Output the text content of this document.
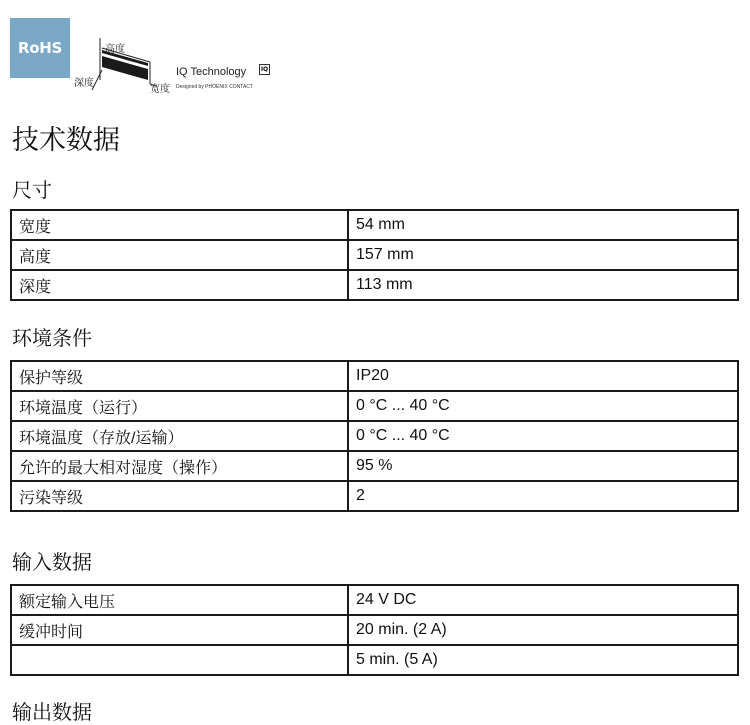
RoHS	高度
深度
宽度
IQ Technology	IQ
Designed by PHOENIX CONTACT
技术数据
尺寸
宽度	54 mm
高度	157 mm
深度	113 mm
环境条件
保护等级	IP20
环境温度（运行）	0 °C ... 40 °C
环境温度（存放/运输）	0 °C ... 40 °C
允许的最大相对湿度（操作）	95 %
污染等级	2
输入数据
额定输入电压	24 V DC
缓冲时间	20 min. (2 A)
	5 min. (5 A)
输出数据
